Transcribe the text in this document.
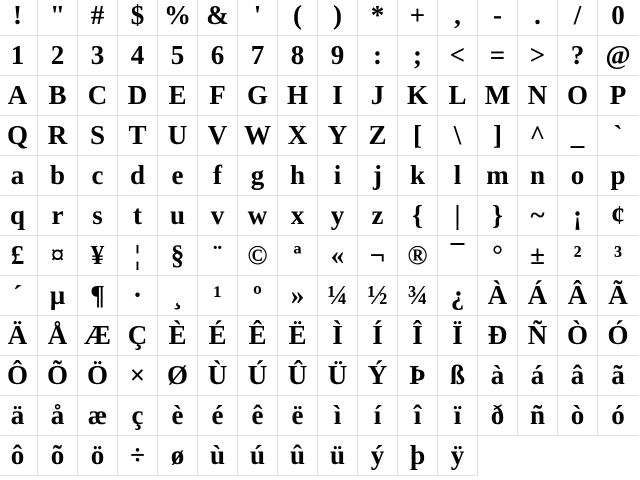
!	" # $ % & '	(	)	* +	,	-	.	/	0
1 2 3 4 5 6 7 8 9	:	;	< = > ? @
A B C D E F G H I	J K L M N O P
Q R S T U V W X Y Z [	\	]	^ _	`
a b c d e	f	g h	i	j	k	l m n o p
q r	s	t	u v w x y	z	{	|	}	~	¡	¢
£ ¤ ¥	¦	§	¨ © ª	« ¬ ® ¯	°	±	²	³
´	µ ¶	·	¸	¹	º	» ¼ ½ ¾ ¿ À Á Â Ã
Ä Å Æ Ç È É Ê Ë Ì	Í	Î	Ï Ð Ñ Ò Ó
Ô Õ Ö × Ø Ù Ú Û Ü Ý Þ ß à á â	ã
ä å æ ç	è	é	ê	ë	ì	í	î	ï	ð ñ ò	ó
ô õ ö ÷ ø ù ú û ü ý þ ÿ
